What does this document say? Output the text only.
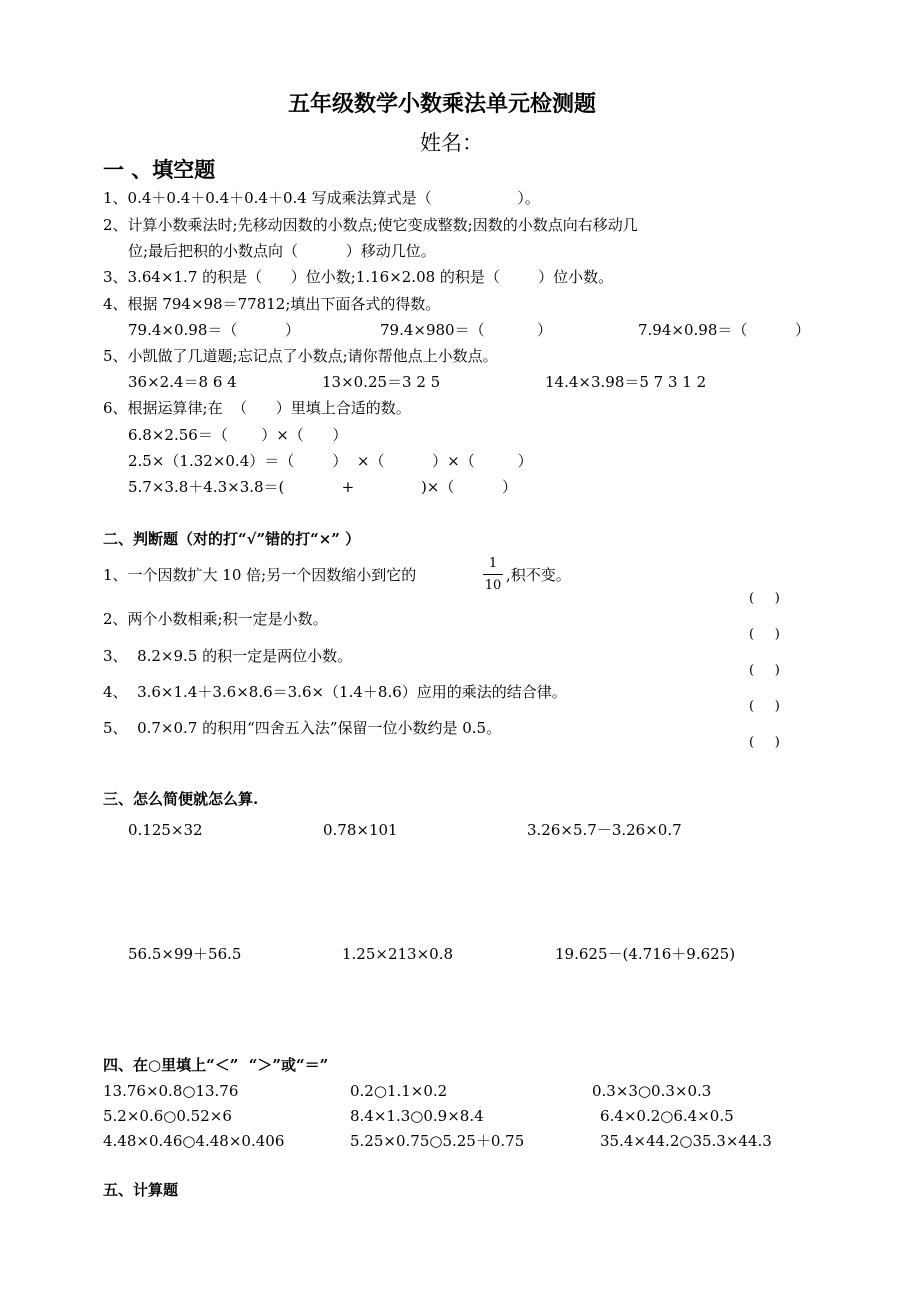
五年级数学小数乘法单元检测题
姓名：
一 、填空题
1、0.4＋0.4＋0.4＋0.4＋0.4 写成乘法算式是（                  ）。
2、计算小数乘法时;先移动因数的小数点;使它变成整数;因数的小数点向右移动几
位;最后把积的小数点向（          ）移动几位。
3、3.64×1.7 的积是（      ）位小数;1.16×2.08 的积是（        ）位小数。
4、根据 794×98＝77812;填出下面各式的得数。
79.4×0.98＝（          ）	79.4×980＝（           ）	7.94×0.98＝（          ）
5、小凯做了几道题;忘记点了小数点;请你帮他点上小数点。
36×2.4＝8 6 4	13×0.25＝3 2 5	14.4×3.98＝5 7 3 1 2
6、根据运算律;在  （      ）里填上合适的数。
6.8×2.56＝（       ）×（      ）
2.5×（1.32×0.4）＝（        ）  ×（          ）×（         ）
5.7×3.8＋4.3×3.8＝(            +              )×（          ）
二、判断题（对的打“√”错的打“×” ）
1、一个因数扩大 10 倍;另一个因数缩小到它的
1
10
,积不变。
(     )
2、两个小数相乘;积一定是小数。
(     )
3、  8.2×9.5 的积一定是两位小数。
(     )
4、  3.6×1.4＋3.6×8.6＝3.6×（1.4＋8.6）应用的乘法的结合律。
(     )
5、  0.7×0.7 的积用“四舍五入法”保留一位小数约是 0.5。
(     )
三、怎么简便就怎么算.
0.125×32	0.78×101	3.26×5.7－3.26×0.7
56.5×99＋56.5	1.25×213×0.8	19.625－(4.716＋9.625)
四、在○里填上“＜”  “＞”或“＝”
13.76×0.8○13.76	0.2○1.1×0.2	0.3×3○0.3×0.3
5.2×0.6○0.52×6	8.4×1.3○0.9×8.4	6.4×0.2○6.4×0.5
4.48×0.46○4.48×0.406	5.25×0.75○5.25＋0.75	35.4×44.2○35.3×44.3
五、计算题
